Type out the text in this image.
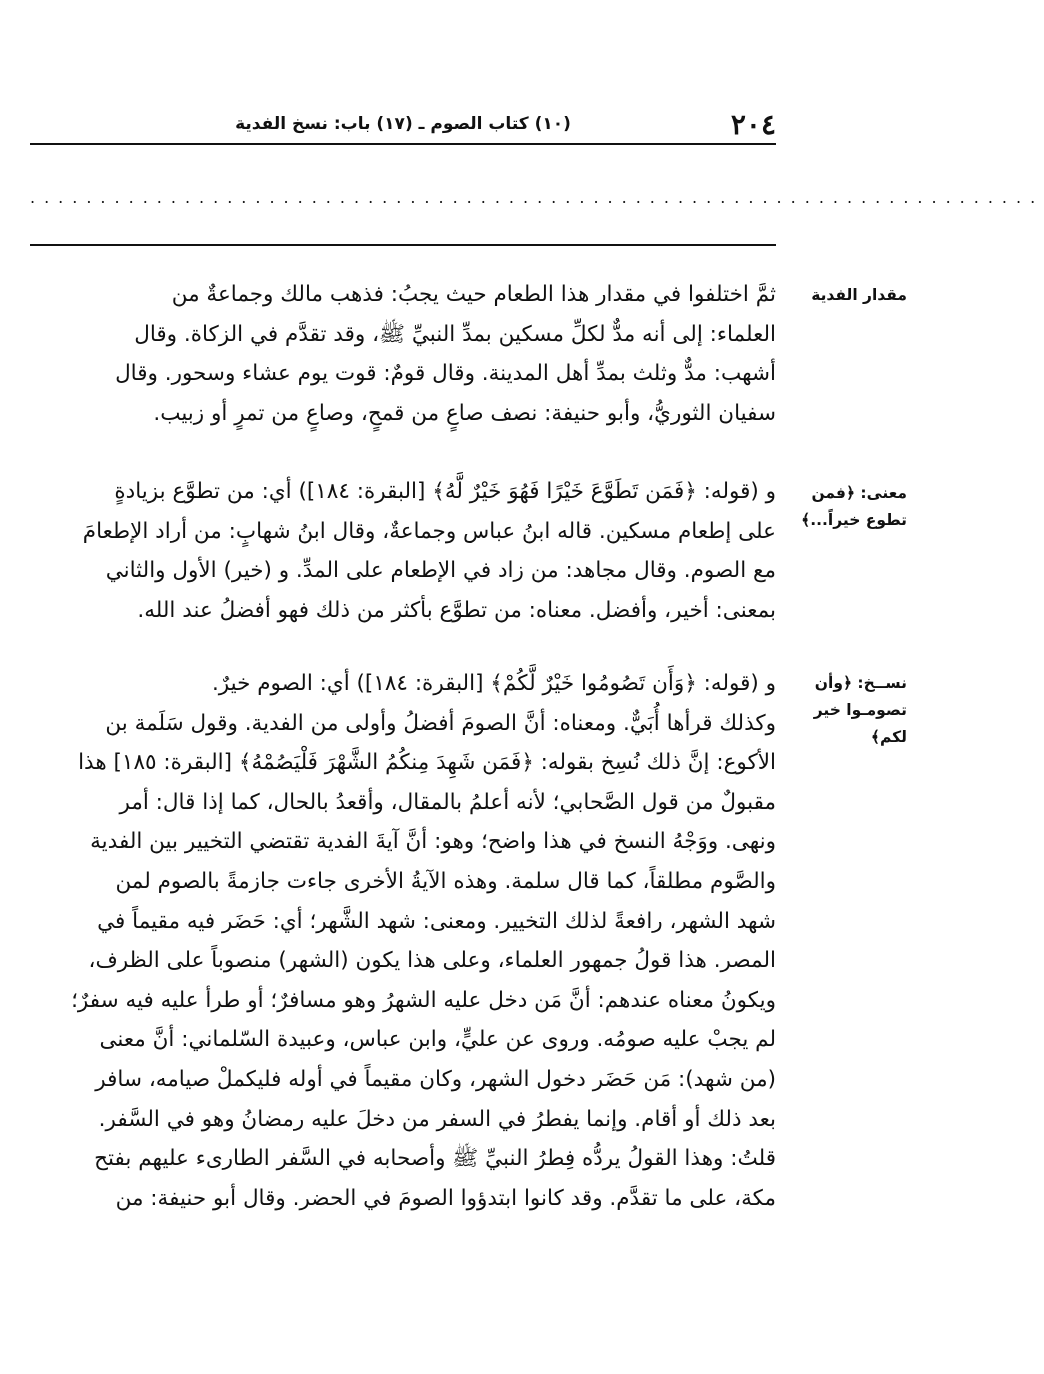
٢٠٤
(١٠) كتاب الصوم ـ (١٧) باب: نسخ الفدية
........................................................................
مقدار الفدية
معنى: ﴿فمن تطوع خيراً...﴾
نســخ: ﴿وأن تصومـوا خير لكم﴾
ثمَّ اختلفوا في مقدار هذا الطعام حيث يجبُ: فذهب مالك وجماعةٌ من
العلماء: إلى أنه مدٌّ لكلِّ مسكين بمدِّ النبيِّ ﷺ، وقد تقدَّم في الزكاة. وقال
أشهب: مدٌّ وثلث بمدِّ أهل المدينة. وقال قومٌ: قوت يوم عشاء وسحور. وقال
سفيان الثوريُّ، وأبو حنيفة: نصف صاعٍ من قمحٍ، وصاعٍ من تمرٍ أو زبيب.
و (قوله: ﴿فَمَن تَطَوَّعَ خَيْرًا فَهُوَ خَيْرٌ لَّهُ﴾ [البقرة: ١٨٤]) أي: من تطوَّع بزيادةٍ
على إطعام مسكين. قاله ابنُ عباس وجماعةٌ، وقال ابنُ شهابٍ: من أراد الإطعامَ
مع الصوم. وقال مجاهد: من زاد في الإطعام على المدِّ. و (خير) الأول والثاني
بمعنى: أخير، وأفضل. معناه: من تطوَّع بأكثر من ذلك فهو أفضلُ عند الله.
و (قوله: ﴿وَأَن تَصُومُوا خَيْرٌ لَّكُمْ﴾ [البقرة: ١٨٤]) أي: الصوم خيرٌ.
وكذلك قرأها أُبَيٌّ. ومعناه: أنَّ الصومَ أفضلُ وأولى من الفدية. وقول سَلَمة بن
الأكوع: إنَّ ذلك نُسِخ بقوله: ﴿فَمَن شَهِدَ مِنكُمُ الشَّهْرَ فَلْيَصُمْهُ﴾ [البقرة: ١٨٥] هذا
مقبولٌ من قول الصَّحابي؛ لأنه أعلمُ بالمقال، وأقعدُ بالحال، كما إذا قال: أمر
ونهى. ووَجْهُ النسخ في هذا واضح؛ وهو: أنَّ آيةَ الفدية تقتضي التخيير بين الفدية
والصَّوم مطلقاً، كما قال سلمة. وهذه الآيةُ الأخرى جاءت جازمةً بالصوم لمن
شهد الشهر، رافعةً لذلك التخيير. ومعنى: شهد الشَّهر؛ أي: حَضَر فيه مقيماً في
المصر. هذا قولُ جمهور العلماء، وعلى هذا يكون (الشهر) منصوباً على الظرف،
ويكونُ معناه عندهم: أنَّ مَن دخل عليه الشهرُ وهو مسافرٌ؛ أو طرأ عليه فيه سفرٌ؛
لم يجبْ عليه صومُه. وروى عن عليٍّ، وابن عباس، وعبيدة السّلماني: أنَّ معنى
(من شهد): مَن حَضَر دخول الشهر، وكان مقيماً في أوله فليكملْ صيامه، سافر
بعد ذلك أو أقام. وإنما يفطرُ في السفر من دخلَ عليه رمضانُ وهو في السَّفر.
قلتُ: وهذا القولُ يردُّه فِطرُ النبيِّ ﷺ وأصحابه في السَّفر الطارىء عليهم بفتح
مكة، على ما تقدَّم. وقد كانوا ابتدؤوا الصومَ في الحضر. وقال أبو حنيفة: من
